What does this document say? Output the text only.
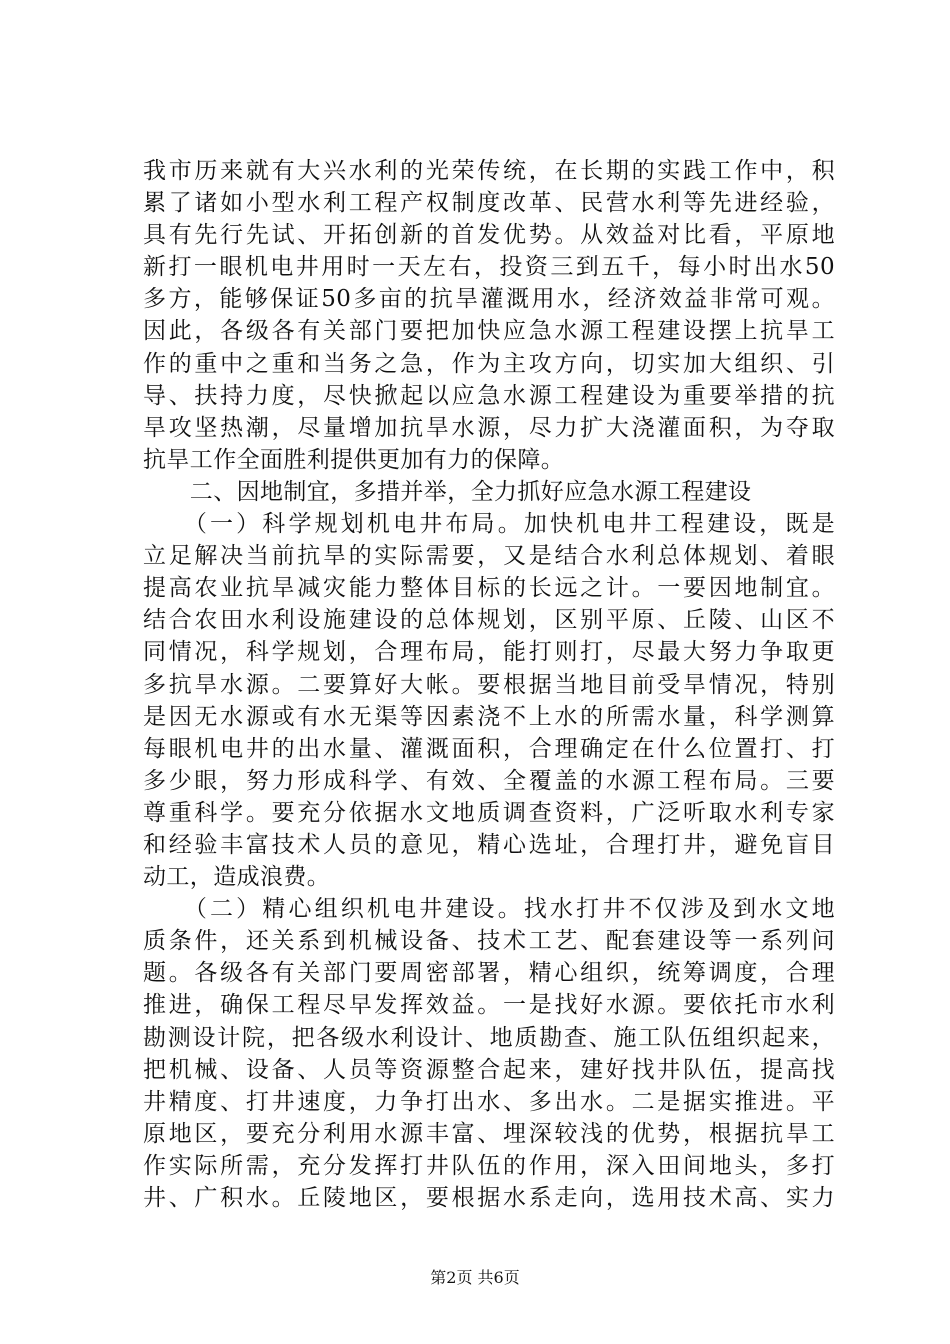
我市历来就有大兴水利的光荣传统，在长期的实践工作中，积
累了诸如小型水利工程产权制度改革、民营水利等先进经验，
具有先行先试、开拓创新的首发优势。从效益对比看，平原地
新打一眼机电井用时一天左右，投资三到五千，每小时出水50
多方，能够保证50多亩的抗旱灌溉用水，经济效益非常可观。
因此，各级各有关部门要把加快应急水源工程建设摆上抗旱工
作的重中之重和当务之急，作为主攻方向，切实加大组织、引
导、扶持力度，尽快掀起以应急水源工程建设为重要举措的抗
旱攻坚热潮，尽量增加抗旱水源，尽力扩大浇灌面积，为夺取
抗旱工作全面胜利提供更加有力的保障。
　　二、因地制宜，多措并举，全力抓好应急水源工程建设
　　（一）科学规划机电井布局。加快机电井工程建设，既是
立足解决当前抗旱的实际需要，又是结合水利总体规划、着眼
提高农业抗旱减灾能力整体目标的长远之计。一要因地制宜。
结合农田水利设施建设的总体规划，区别平原、丘陵、山区不
同情况，科学规划，合理布局，能打则打，尽最大努力争取更
多抗旱水源。二要算好大帐。要根据当地目前受旱情况，特别
是因无水源或有水无渠等因素浇不上水的所需水量，科学测算
每眼机电井的出水量、灌溉面积，合理确定在什么位置打、打
多少眼，努力形成科学、有效、全覆盖的水源工程布局。三要
尊重科学。要充分依据水文地质调查资料，广泛听取水利专家
和经验丰富技术人员的意见，精心选址，合理打井，避免盲目
动工，造成浪费。
　　（二）精心组织机电井建设。找水打井不仅涉及到水文地
质条件，还关系到机械设备、技术工艺、配套建设等一系列问
题。各级各有关部门要周密部署，精心组织，统筹调度，合理
推进，确保工程尽早发挥效益。一是找好水源。要依托市水利
勘测设计院，把各级水利设计、地质勘查、施工队伍组织起来，
把机械、设备、人员等资源整合起来，建好找井队伍，提高找
井精度、打井速度，力争打出水、多出水。二是据实推进。平
原地区，要充分利用水源丰富、埋深较浅的优势，根据抗旱工
作实际所需，充分发挥打井队伍的作用，深入田间地头，多打
井、广积水。丘陵地区，要根据水系走向，选用技术高、实力
第2页 共6页
